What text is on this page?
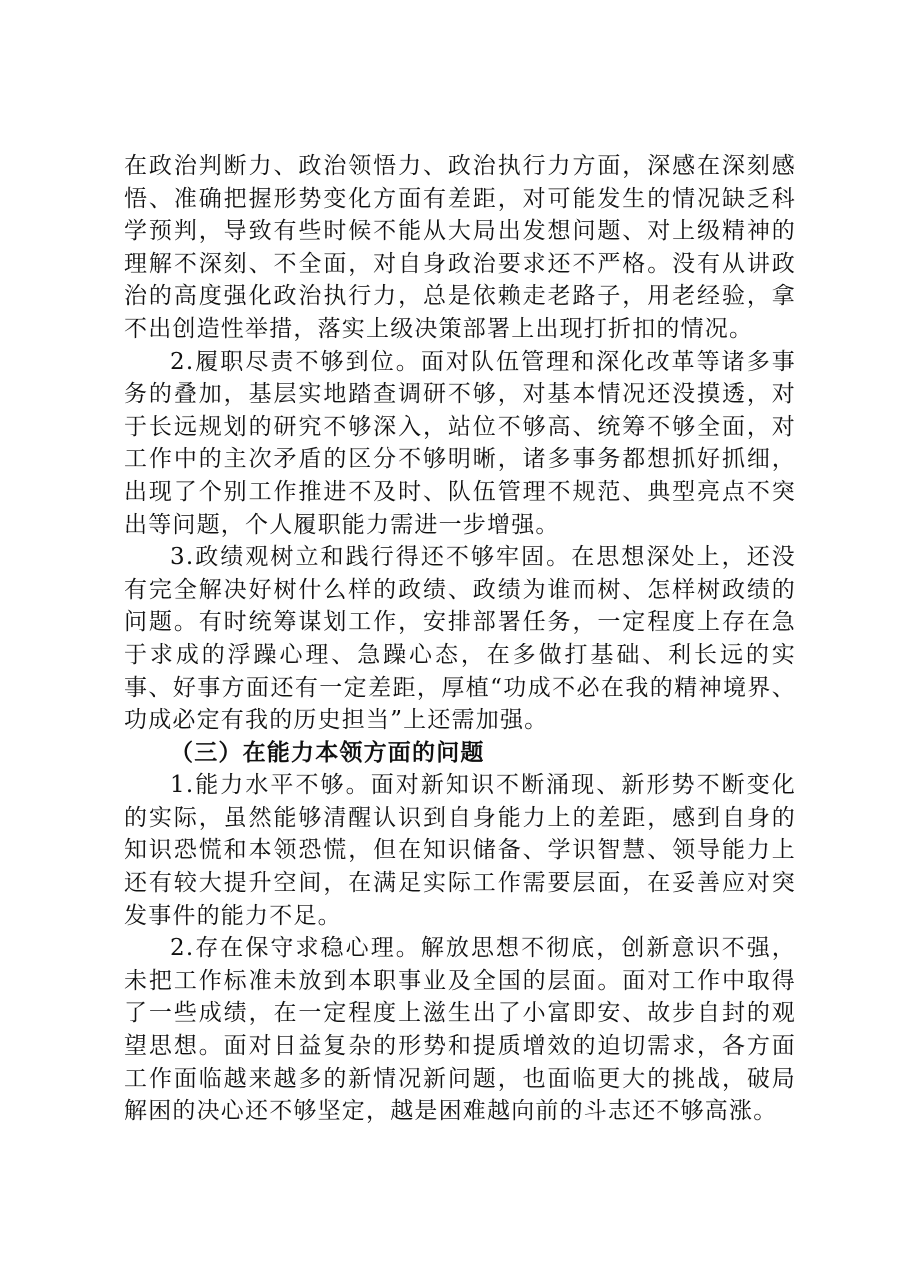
在政治判断力、政治领悟力、政治执行力方面，深感在深刻感悟、准确把握形势变化方面有差距，对可能发生的情况缺乏科学预判，导致有些时候不能从大局出发想问题、对上级精神的理解不深刻、不全面，对自身政治要求还不严格。没有从讲政治的高度强化政治执行力，总是依赖走老路子，用老经验，拿不出创造性举措，落实上级决策部署上出现打折扣的情况。

2.履职尽责不够到位。面对队伍管理和深化改革等诸多事务的叠加，基层实地踏查调研不够，对基本情况还没摸透，对于长远规划的研究不够深入，站位不够高、统筹不够全面，对工作中的主次矛盾的区分不够明晰，诸多事务都想抓好抓细，出现了个别工作推进不及时、队伍管理不规范、典型亮点不突出等问题，个人履职能力需进一步增强。

3.政绩观树立和践行得还不够牢固。在思想深处上，还没有完全解决好树什么样的政绩、政绩为谁而树、怎样树政绩的问题。有时统筹谋划工作，安排部署任务，一定程度上存在急于求成的浮躁心理、急躁心态，在多做打基础、利长远的实事、好事方面还有一定差距，厚植“功成不必在我的精神境界、功成必定有我的历史担当”上还需加强。

（三）在能力本领方面的问题

1.能力水平不够。面对新知识不断涌现、新形势不断变化的实际，虽然能够清醒认识到自身能力上的差距，感到自身的知识恐慌和本领恐慌，但在知识储备、学识智慧、领导能力上还有较大提升空间，在满足实际工作需要层面，在妥善应对突发事件的能力不足。

2.存在保守求稳心理。解放思想不彻底，创新意识不强，未把工作标准未放到本职事业及全国的层面。面对工作中取得了一些成绩，在一定程度上滋生出了小富即安、故步自封的观望思想。面对日益复杂的形势和提质增效的迫切需求，各方面工作面临越来越多的新情况新问题，也面临更大的挑战，破局解困的决心还不够坚定，越是困难越向前的斗志还不够高涨。
